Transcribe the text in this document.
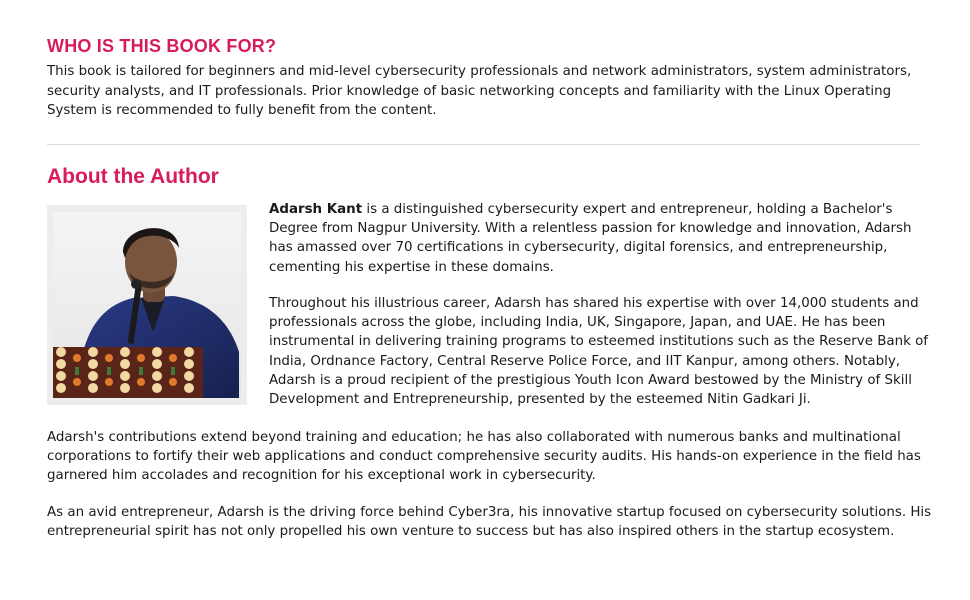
WHO IS THIS BOOK FOR?

This book is tailored for beginners and mid-level cybersecurity professionals and network administrators, system administrators, security analysts, and IT professionals. Prior knowledge of basic networking concepts and familiarity with the Linux Operating System is recommended to fully benefit from the content.

About the Author

Adarsh Kant is a distinguished cybersecurity expert and entrepreneur, holding a Bachelor's Degree from Nagpur University. With a relentless passion for knowledge and innovation, Adarsh has amassed over 70 certifications in cybersecurity, digital forensics, and entrepreneurship, cementing his expertise in these domains.

Throughout his illustrious career, Adarsh has shared his expertise with over 14,000 students and professionals across the globe, including India, UK, Singapore, Japan, and UAE. He has been instrumental in delivering training programs to esteemed institutions such as the Reserve Bank of India, Ordnance Factory, Central Reserve Police Force, and IIT Kanpur, among others. Notably, Adarsh is a proud recipient of the prestigious Youth Icon Award bestowed by the Ministry of Skill Development and Entrepreneurship, presented by the esteemed Nitin Gadkari Ji.

Adarsh's contributions extend beyond training and education; he has also collaborated with numerous banks and multinational corporations to fortify their web applications and conduct comprehensive security audits. His hands-on experience in the field has garnered him accolades and recognition for his exceptional work in cybersecurity.

As an avid entrepreneur, Adarsh is the driving force behind Cyber3ra, his innovative startup focused on cybersecurity solutions. His entrepreneurial spirit has not only propelled his own venture to success but has also inspired others in the startup ecosystem.
